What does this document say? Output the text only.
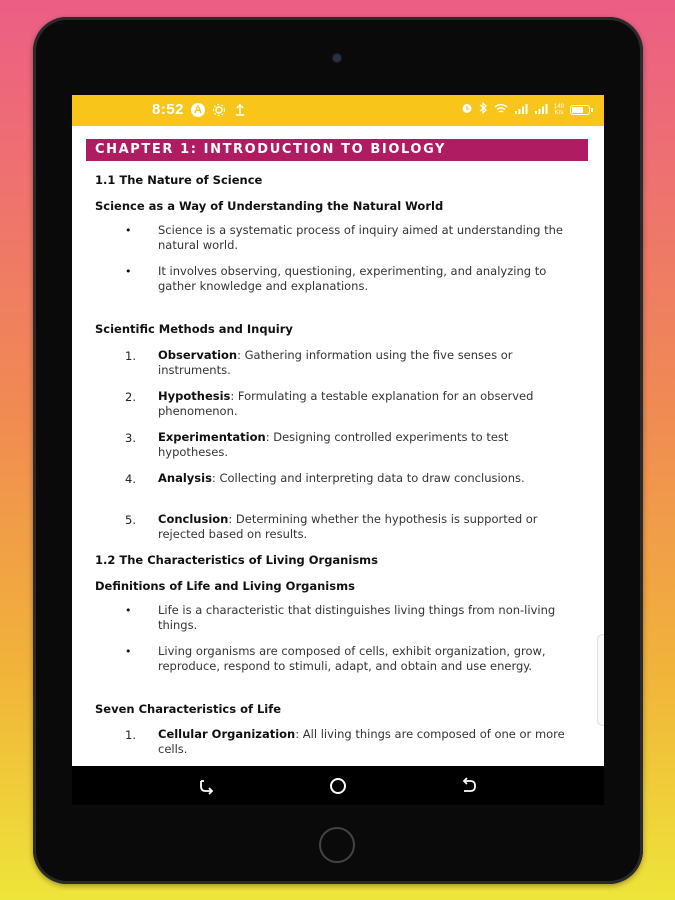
8:52 A	149
K/s
CHAPTER 1: INTRODUCTION TO BIOLOGY
1.1 The Nature of Science
Science as a Way of Understanding the Natural World
• Science is a systematic process of inquiry aimed at understanding the natural world.
• It involves observing, questioning, experimenting, and analyzing to gather knowledge and explanations.
Scientific Methods and Inquiry
1. Observation: Gathering information using the five senses or instruments.
2. Hypothesis: Formulating a testable explanation for an observed phenomenon.
3. Experimentation: Designing controlled experiments to test hypotheses.
4. Analysis: Collecting and interpreting data to draw conclusions.
5. Conclusion: Determining whether the hypothesis is supported or rejected based on results.
1.2 The Characteristics of Living Organisms
Definitions of Life and Living Organisms
• Life is a characteristic that distinguishes living things from non-living things.
• Living organisms are composed of cells, exhibit organization, grow, reproduce, respond to stimuli, adapt, and obtain and use energy.
Seven Characteristics of Life
1. Cellular Organization: All living things are composed of one or more cells.
